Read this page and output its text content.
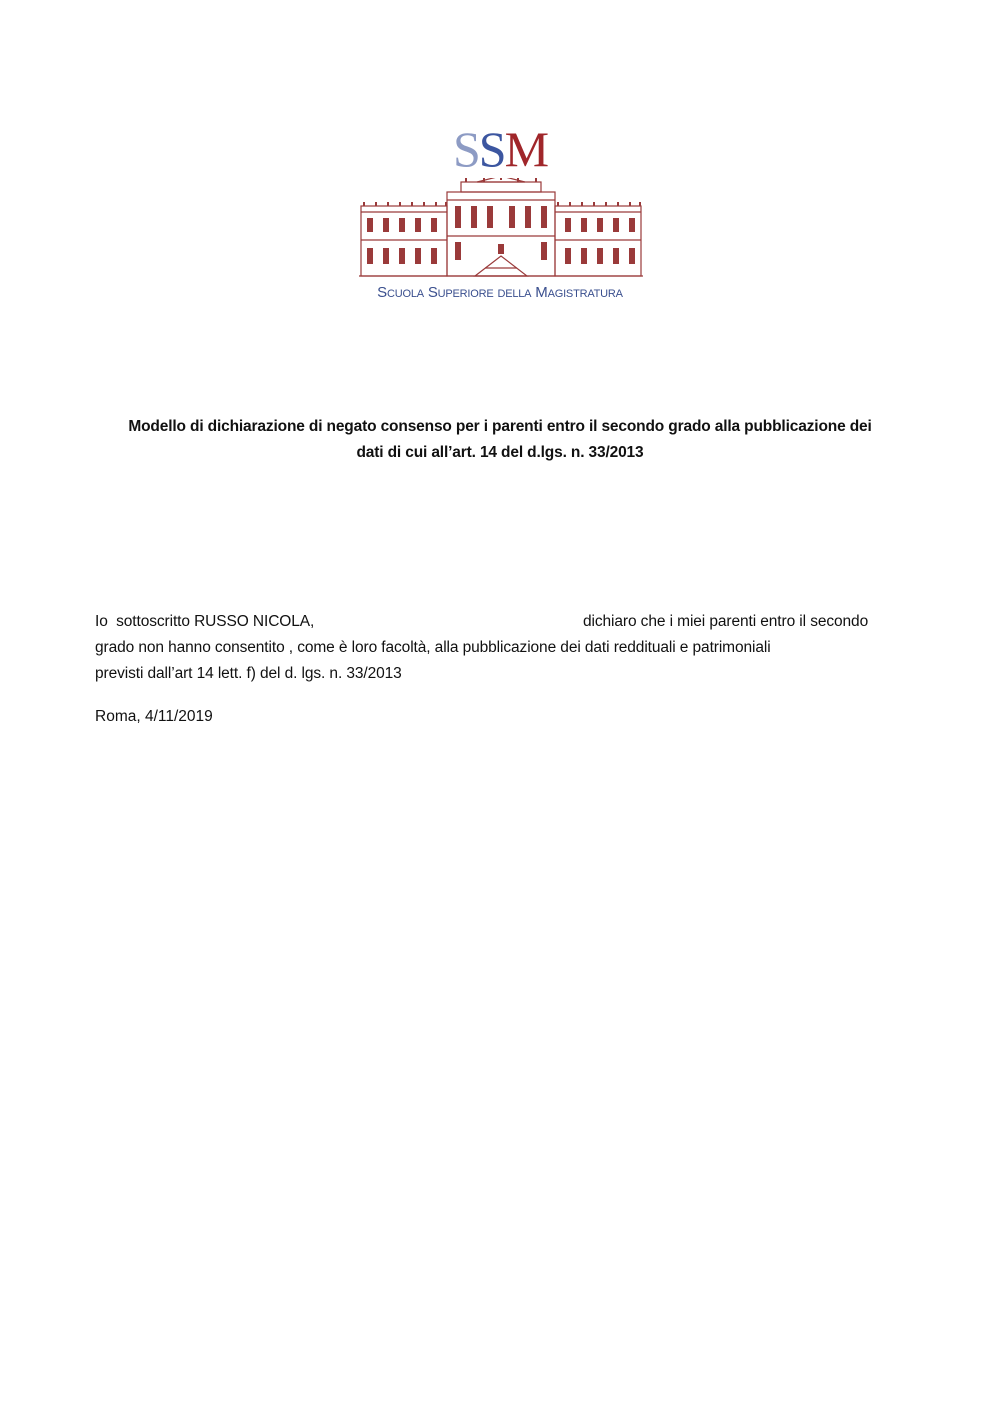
SSM
Scuola Superiore della Magistratura
Modello di dichiarazione di negato consenso per i parenti entro il secondo grado alla pubblicazione dei
dati di cui all’art. 14 del d.lgs. n. 33/2013
Io  sottoscritto RUSSO NICOLA,	dichiaro che i miei parenti entro il secondo
grado non hanno consentito , come è loro facoltà, alla pubblicazione dei dati reddituali e patrimoniali
previsti dall’art 14 lett. f) del d. lgs. n. 33/2013
Roma, 4/11/2019
